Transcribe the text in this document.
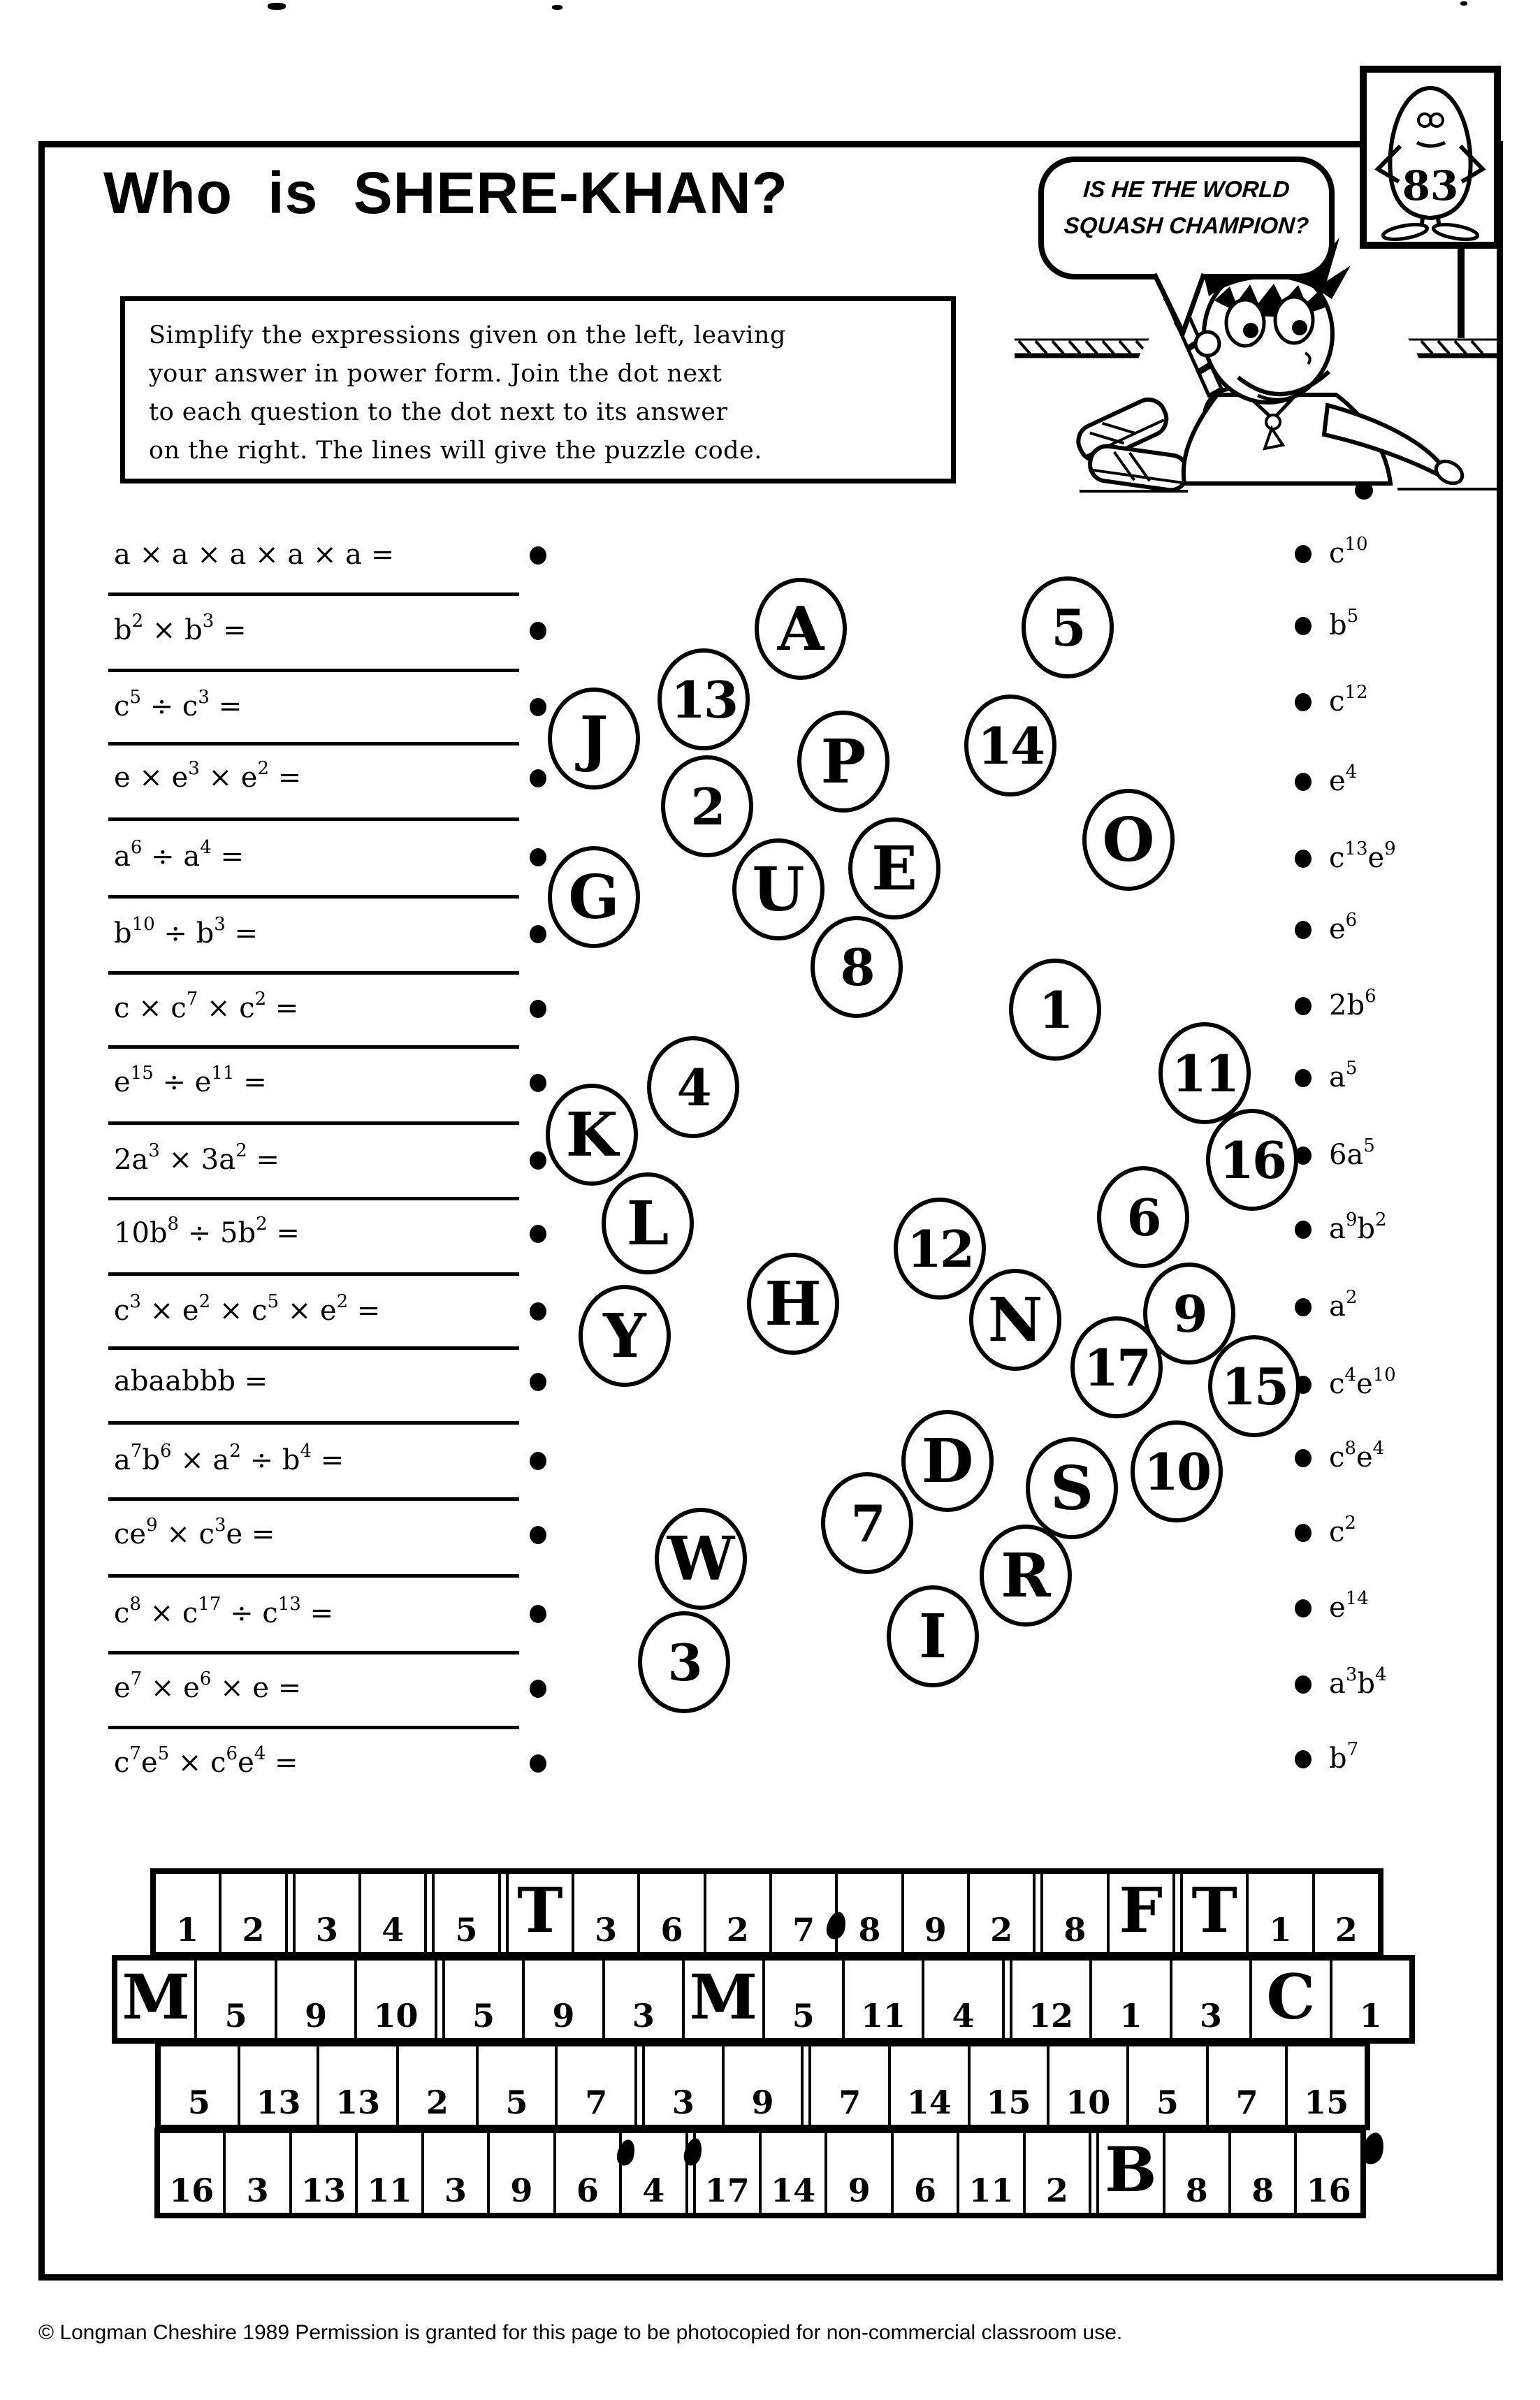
Who is SHERE-KHAN?
Simplify the expressions given on the left, leaving
your answer in power form. Join the dot next
to each question to the dot next to its answer
on the right. The lines will give the puzzle code.
IS HE THE WORLD
SQUASH CHAMPION?
83
a × a × a × a × a =
$b^2 \times b^3$ =
$c^5 \div c^3$ =
$e \times e^3 \times e^2$ =
$a^6 \div a^4$ =
$b^{10} \div b^3$ =
$c \times c^7 \times c^2$ =
$e^{15} \div e^{11}$ =
$2a^3 \times 3a^2$ =
$10b^8 \div 5b^2$ =
$c^3 \times e^2 \times c^5 \times e^2$ =
abaabbb =
$a^7b^6 \times a^2 \div b^4$ =
$ce^9 \times c^3e$ =
$c^8 \times c^{17} \div c^{13}$ =
$e^7 \times e^6 \times e$ =
$c^7e^5 \times c^6e^4$ =
$c^{10}$
$b^5$
$c^{12}$
$e^4$
$c^{13}e^9$
$e^6$
$2b^6$
$a^5$
$6a^5$
$a^9b^2$
$a^2$
$c^4e^{10}$
$c^8e^4$
$c^2$
$e^{14}$
$a^3b^4$
$b^7$
A	5
13
J	14
P
2	O
E
U
G
8
1
11
4
K	16
6
L	12
H	9
N
Y	17 15
D	10
S
7
W	R
I
3
1	2	3	4	5 T 3	6	2	7	8	9	2	8 F T 1	2
M	5	9	10	5	9	3 M	5	11	4	12	1	3 C	1
5	13	13	2	5	7	3	9	7	14	15	10	5	7	15
16	3	13 11	3	9	6	4	17 14	9	6	11	2 B 8	8	16
© Longman Cheshire 1989 Permission is granted for this page to be photocopied for non-commercial classroom use.
